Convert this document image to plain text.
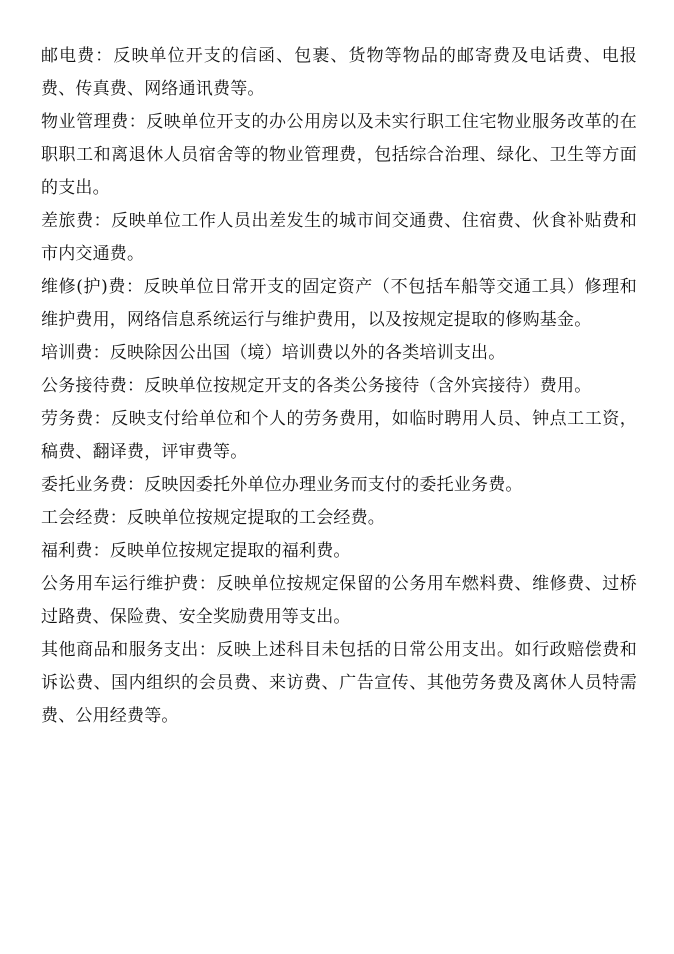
邮电费：反映单位开支的信函、包裹、货物等物品的邮寄费及电话费、电报费、传真费、网络通讯费等。

物业管理费：反映单位开支的办公用房以及未实行职工住宅物业服务改革的在职职工和离退休人员宿舍等的物业管理费，包括综合治理、绿化、卫生等方面的支出。

差旅费：反映单位工作人员出差发生的城市间交通费、住宿费、伙食补贴费和市内交通费。

维修(护)费：反映单位日常开支的固定资产（不包括车船等交通工具）修理和维护费用，网络信息系统运行与维护费用，以及按规定提取的修购基金。

培训费：反映除因公出国（境）培训费以外的各类培训支出。

公务接待费：反映单位按规定开支的各类公务接待（含外宾接待）费用。

劳务费：反映支付给单位和个人的劳务费用，如临时聘用人员、钟点工工资，稿费、翻译费，评审费等。

委托业务费：反映因委托外单位办理业务而支付的委托业务费。

工会经费：反映单位按规定提取的工会经费。

福利费：反映单位按规定提取的福利费。

公务用车运行维护费：反映单位按规定保留的公务用车燃料费、维修费、过桥过路费、保险费、安全奖励费用等支出。

其他商品和服务支出：反映上述科目未包括的日常公用支出。如行政赔偿费和诉讼费、国内组织的会员费、来访费、广告宣传、其他劳务费及离休人员特需费、公用经费等。
